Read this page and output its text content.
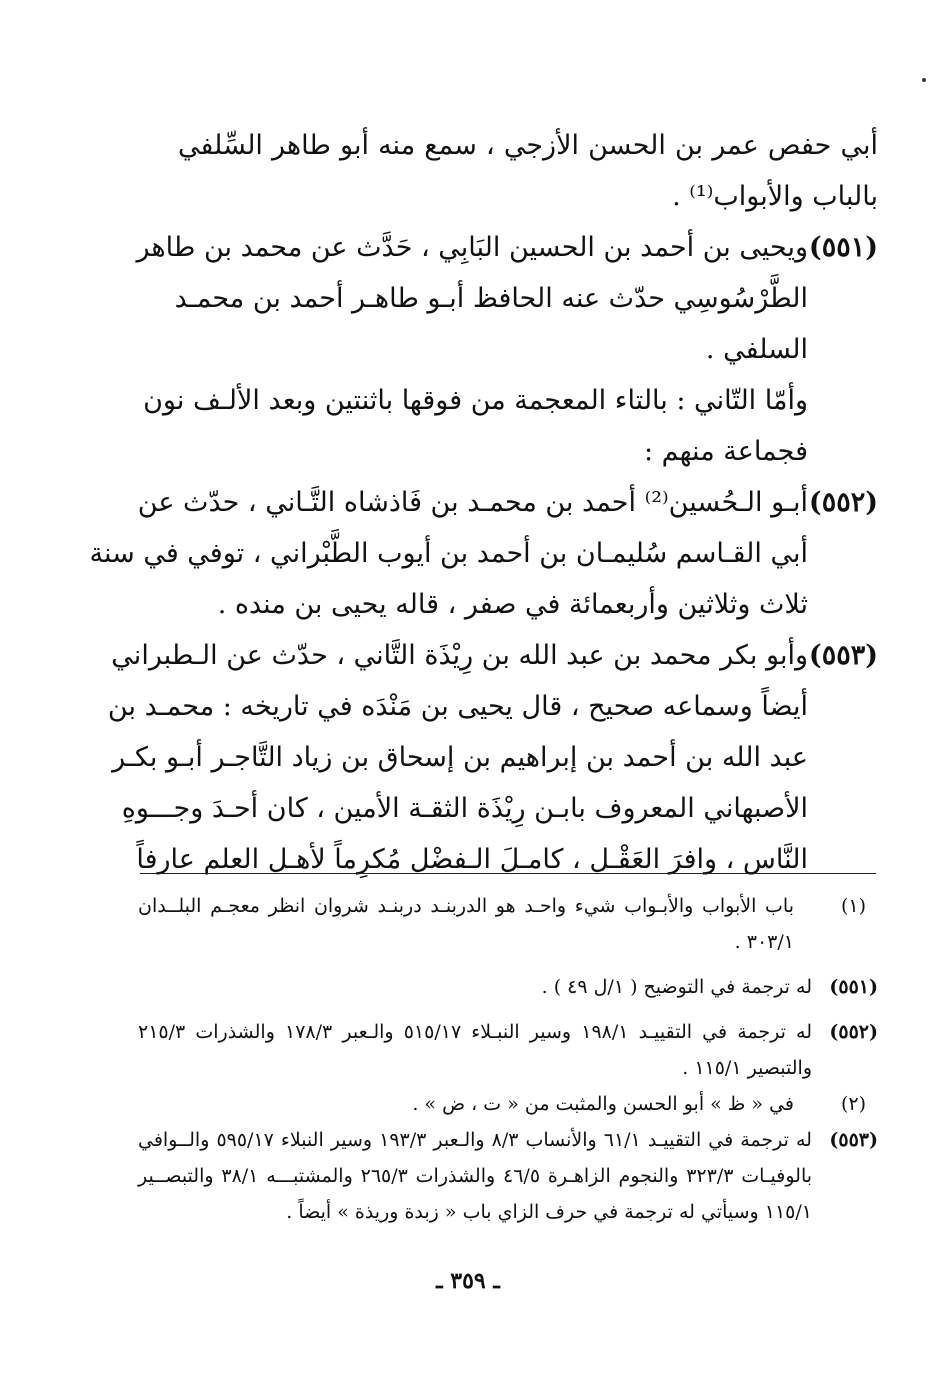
أبي حفص عمر بن الحسن الأزجي ، سمع منه أبو طاهر السِّلفي
بالباب والأبواب⁽¹⁾ .
(٥٥١)
ويحيى بن أحمد بن الحسين البَابِي ، حَدَّث عن محمد بن طاهر
الطَّرْسُوسِي حدّث عنه الحافظ أبـو طاهـر أحمد بن محمـد
السلفي .
وأمّا التّاني : بالتاء المعجمة من فوقها باثنتين وبعد الألـف نون
فجماعة منهم :
(٥٥٢)
أبـو الـحُسين⁽²⁾ أحمد بن محمـد بن فَاذشاه التَّـاني ، حدّث عن
أبي القـاسم سُليمـان بن أحمد بن أيوب الطَّبْراني ، توفي في سنة
ثلاث وثلاثين وأربعمائة في صفر ، قاله يحيى بن منده .
(٥٥٣)
وأبو بكر محمد بن عبد الله بن رِيْذَة التَّاني ، حدّث عن الـطبراني
أيضاً وسماعه صحيح ، قال يحيى بن مَنْدَه في تاريخه : محمـد بن
عبد الله بن أحمد بن إبراهيم بن إسحاق بن زياد التَّاجـر أبـو بكـر
الأصبهاني المعروف بابـن رِيْذَة الثقـة الأمين ، كان أحـدَ وجـــوهِ
النَّاس ، وافرَ العَقْـل ، كامـلَ الـفضْل مُكرِماً لأهـل العلم عارفاً
(١)
باب الأبواب والأبـواب شيء واحـد هو الدربنـد دربنـد شروان انظر معجـم البلــدان
٣٠٣/١ .
(٥٥١)
له ترجمة في التوضيح ( ١/ل ٤٩ ) .
(٥٥٢)
له ترجمة في التقييـد ١٩٨/١ وسير النبـلاء ٥١٥/١٧ والـعبر ١٧٨/٣ والشذرات ٢١٥/٣
والتبصير ١١٥/١ .
(٢)
في « ظ » أبو الحسن والمثبت من « ت ، ض » .
(٥٥٣)
له ترجمة في التقييـد ٦١/١ والأنساب ٨/٣ والـعبر ١٩٣/٣ وسير النبلاء ٥٩٥/١٧ والــوافي
بالوفيـات ٣٢٣/٣ والنجوم الزاهـرة ٤٦/٥ والشذرات ٢٦٥/٣ والمشتبـــه ٣٨/١ والتبصــير
١١٥/١ وسيأتي له ترجمة في حرف الزاي باب « زبدة وريذة » أيضاً .
ـ ٣٥٩ ـ
